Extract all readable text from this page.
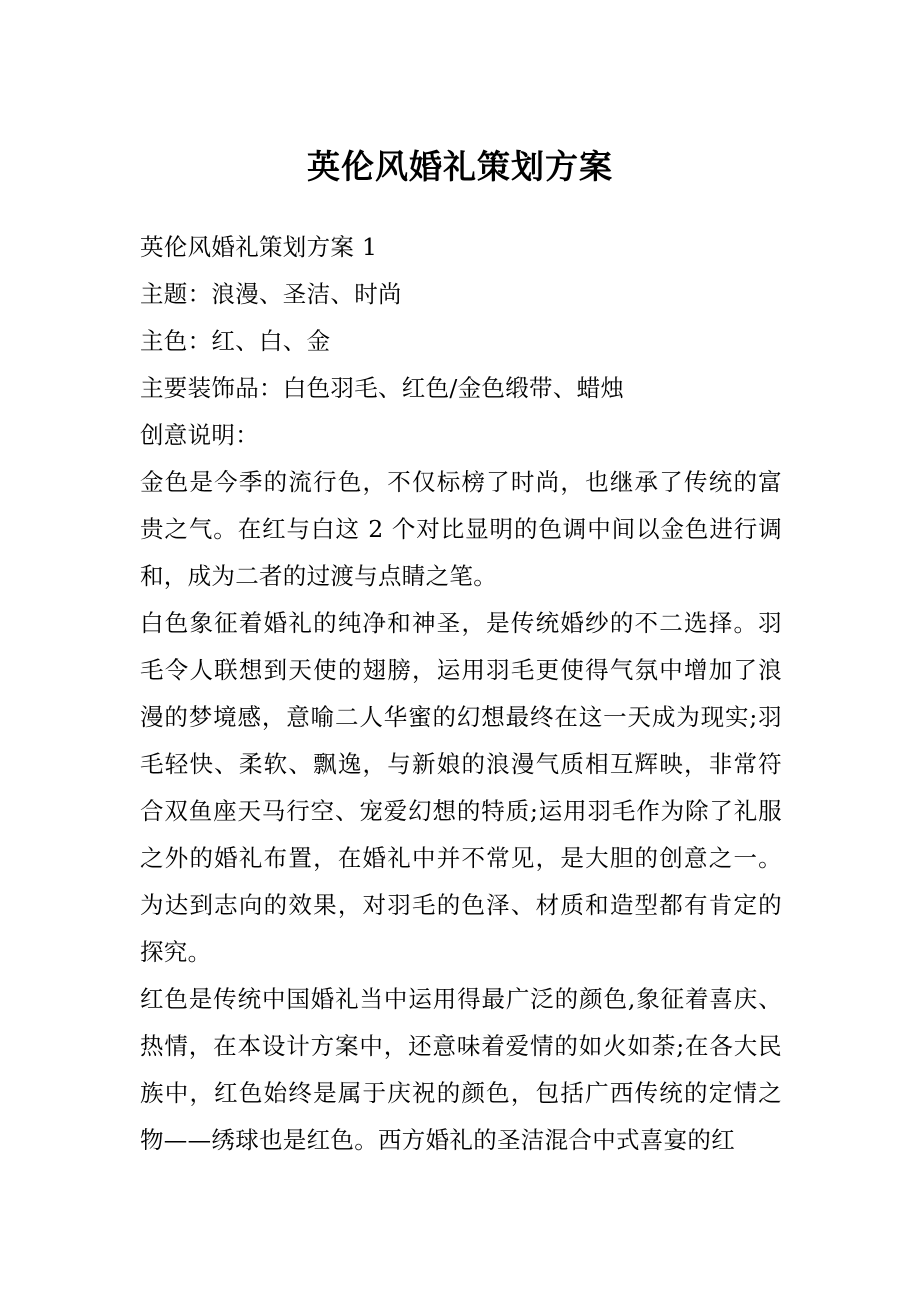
英伦风婚礼策划方案

英伦风婚礼策划方案 1

主题：浪漫、圣洁、时尚

主色：红、白、金

主要装饰品：白色羽毛、红色/金色缎带、蜡烛

创意说明：

金色是今季的流行色，不仅标榜了时尚，也继承了传统的富贵之气。在红与白这 2 个对比显明的色调中间以金色进行调和，成为二者的过渡与点睛之笔。

白色象征着婚礼的纯净和神圣，是传统婚纱的不二选择。羽毛令人联想到天使的翅膀，运用羽毛更使得气氛中增加了浪漫的梦境感，意喻二人华蜜的幻想最终在这一天成为现实;羽毛轻快、柔软、飘逸，与新娘的浪漫气质相互辉映，非常符合双鱼座天马行空、宠爱幻想的特质;运用羽毛作为除了礼服之外的婚礼布置，在婚礼中并不常见，是大胆的创意之一。为达到志向的效果，对羽毛的色泽、材质和造型都有肯定的探究。

红色是传统中国婚礼当中运用得最广泛的颜色,象征着喜庆、热情，在本设计方案中，还意味着爱情的如火如荼;在各大民族中，红色始终是属于庆祝的颜色，包括广西传统的定情之物——绣球也是红色。西方婚礼的圣洁混合中式喜宴的红
